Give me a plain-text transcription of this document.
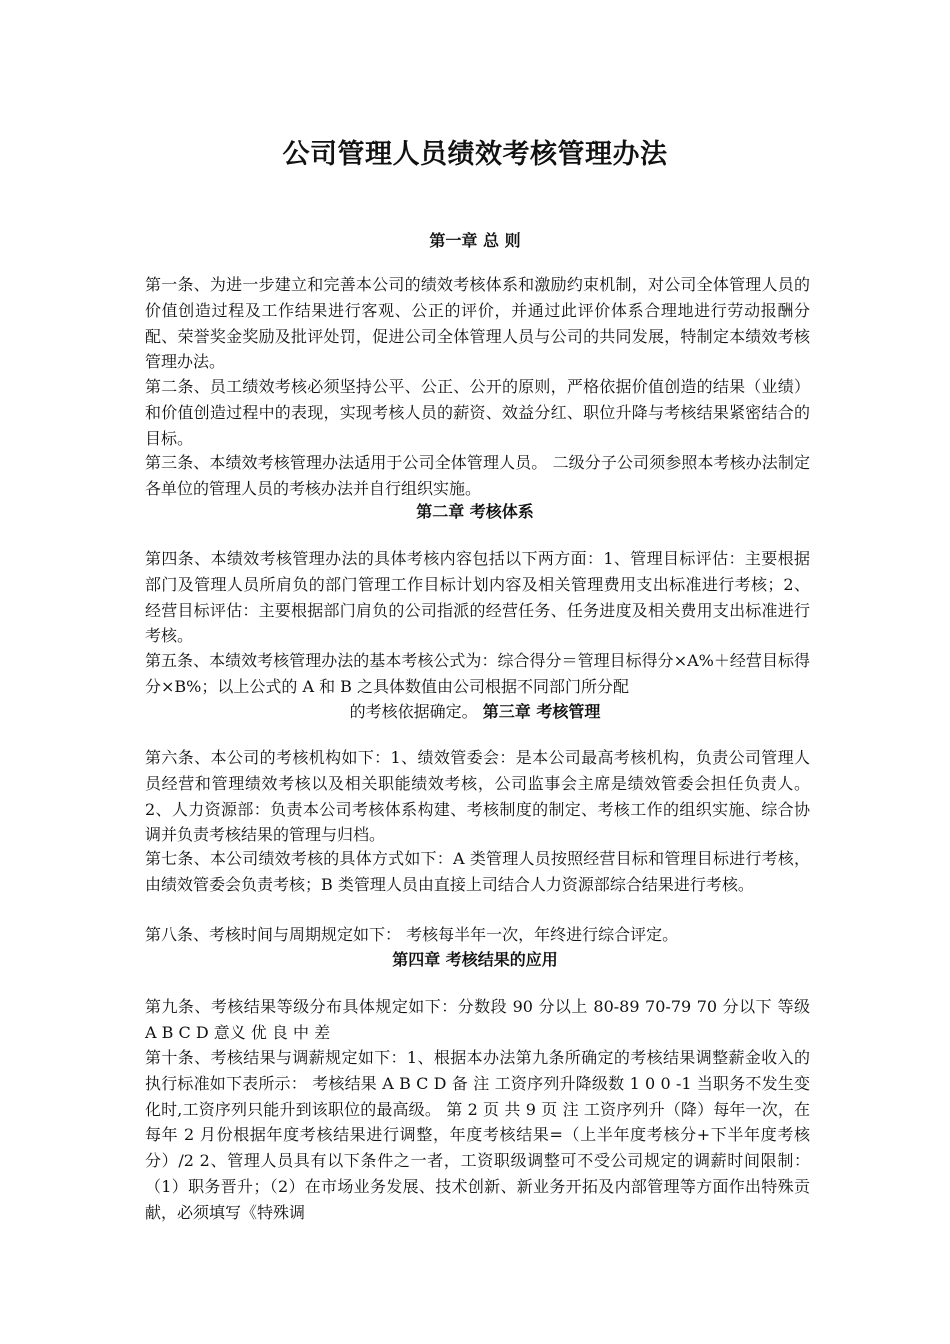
公司管理人员绩效考核管理办法
第一章 总 则
第一条、为进一步建立和完善本公司的绩效考核体系和激励约束机制，对公司全体管理人员的价值创造过程及工作结果进行客观、公正的评价，并通过此评价体系合理地进行劳动报酬分配、荣誉奖金奖励及批评处罚，促进公司全体管理人员与公司的共同发展，特制定本绩效考核管理办法。
第二条、员工绩效考核必须坚持公平、公正、公开的原则，严格依据价值创造的结果（业绩）和价值创造过程中的表现，实现考核人员的薪资、效益分红、职位升降与考核结果紧密结合的目标。
第三条、本绩效考核管理办法适用于公司全体管理人员。 二级分子公司须参照本考核办法制定各单位的管理人员的考核办法并自行组织实施。
第二章 考核体系
第四条、本绩效考核管理办法的具体考核内容包括以下两方面：1、管理目标评估：主要根据部门及管理人员所肩负的部门管理工作目标计划内容及相关管理费用支出标准进行考核；2、经营目标评估：主要根据部门肩负的公司指派的经营任务、任务进度及相关费用支出标准进行考核。
第五条、本绩效考核管理办法的基本考核公式为：综合得分＝管理目标得分×A%＋经营目标得分×B%；以上公式的 A 和 B 之具体数值由公司根据不同部门所分配
的考核依据确定。 第三章 考核管理
第六条、本公司的考核机构如下：1、绩效管委会：是本公司最高考核机构，负责公司管理人员经营和管理绩效考核以及相关职能绩效考核，公司监事会主席是绩效管委会担任负责人。2、人力资源部：负责本公司考核体系构建、考核制度的制定、考核工作的组织实施、综合协调并负责考核结果的管理与归档。
第七条、本公司绩效考核的具体方式如下：A 类管理人员按照经营目标和管理目标进行考核，由绩效管委会负责考核；B 类管理人员由直接上司结合人力资源部综合结果进行考核。
第八条、考核时间与周期规定如下： 考核每半年一次，年终进行综合评定。
第四章 考核结果的应用
第九条、考核结果等级分布具体规定如下：分数段 90 分以上 80-89 70-79 70 分以下 等级 A B C D 意义 优 良 中 差
第十条、考核结果与调薪规定如下：1、根据本办法第九条所确定的考核结果调整薪金收入的执行标准如下表所示： 考核结果 A B C D 备 注 工资序列升降级数 1 0 0 -1 当职务不发生变化时,工资序列只能升到该职位的最高级。 第 2 页 共 9 页 注 工资序列升（降）每年一次，在每年 2 月份根据年度考核结果进行调整，年度考核结果=（上半年度考核分+下半年度考核分）/2 2、管理人员具有以下条件之一者，工资职级调整可不受公司规定的调薪时间限制：（1）职务晋升；（2）在市场业务发展、技术创新、新业务开拓及内部管理等方面作出特殊贡献，必须填写《特殊调
